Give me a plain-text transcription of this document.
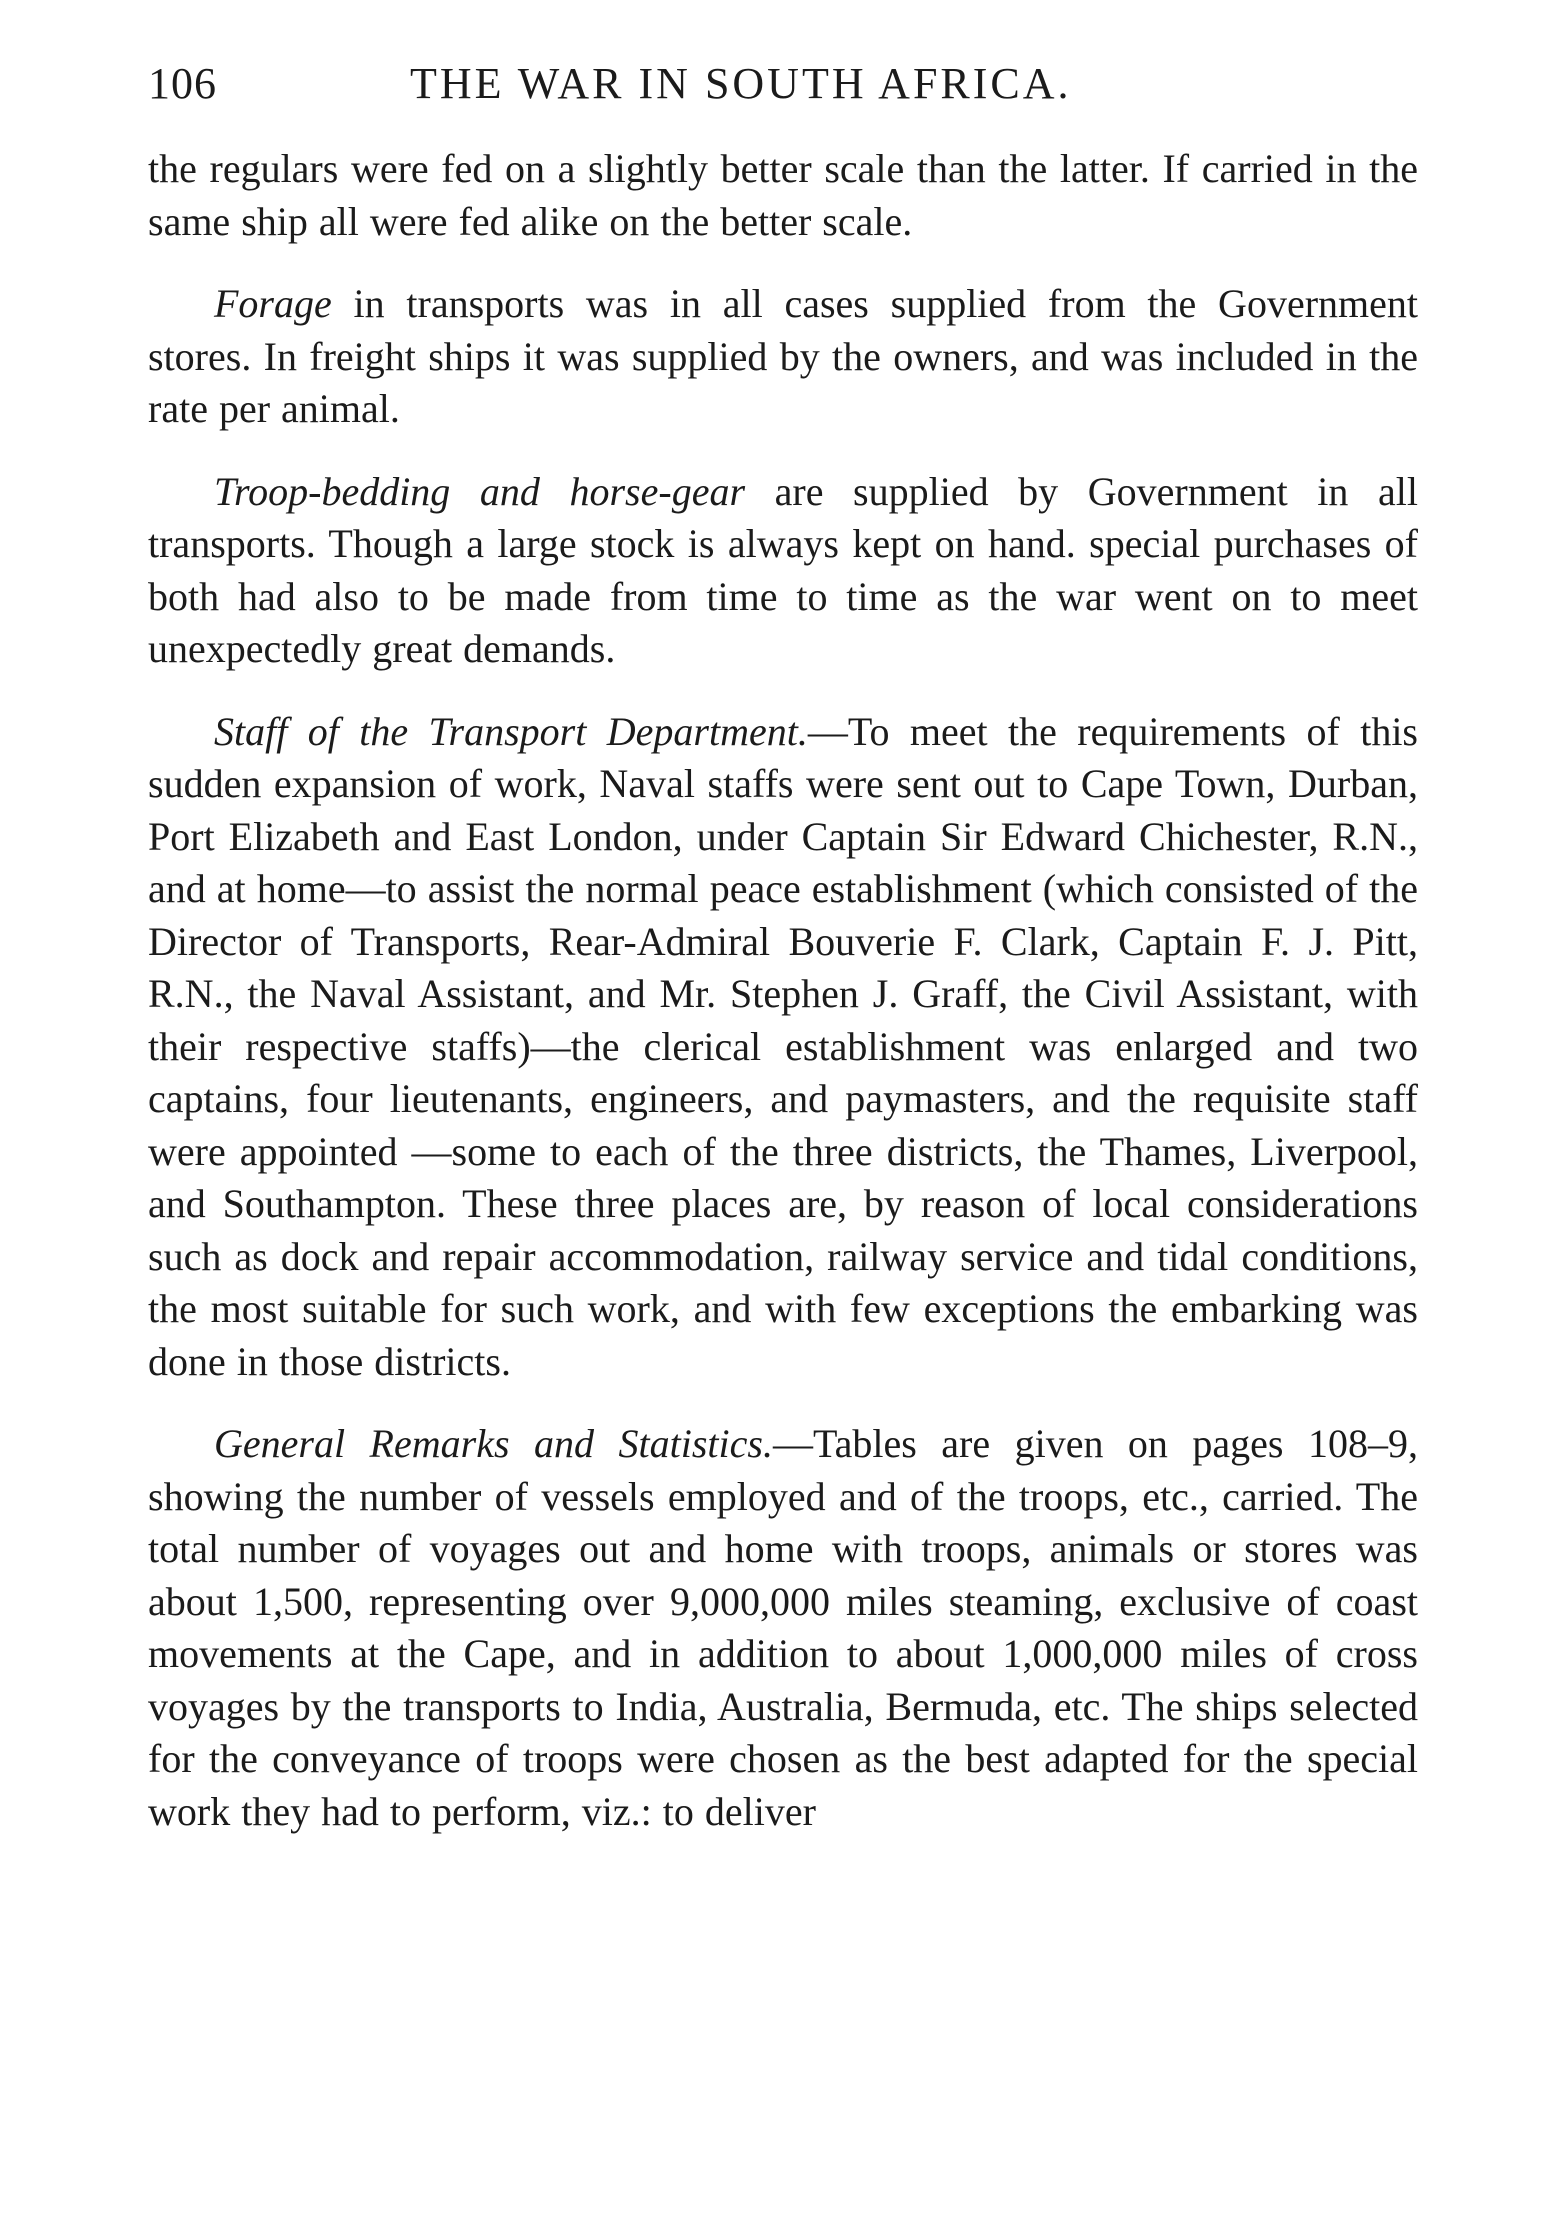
106	THE WAR IN SOUTH AFRICA.

the regulars were fed on a slightly better scale than the latter. If carried in the same ship all were fed alike on the better scale.

Forage in transports was in all cases supplied from the Government stores. In freight ships it was supplied by the owners, and was included in the rate per animal.

Troop-bedding and horse-gear are supplied by Government in all transports. Though a large stock is always kept on hand. special purchases of both had also to be made from time to time as the war went on to meet unexpectedly great demands.

Staff of the Transport Department.—To meet the requirements of this sudden expansion of work, Naval staffs were sent out to Cape Town, Durban, Port Elizabeth and East London, under Captain Sir Edward Chichester, R.N., and at home—to assist the normal peace establishment (which consisted of the Director of Transports, Rear-Admiral Bouverie F. Clark, Captain F. J. Pitt, R.N., the Naval Assistant, and Mr. Stephen J. Graff, the Civil Assistant, with their respective staffs)—the clerical establishment was enlarged and two captains, four lieutenants, engineers, and paymasters, and the requisite staff were appointed —some to each of the three districts, the Thames, Liverpool, and Southampton. These three places are, by reason of local considerations such as dock and repair accommodation, railway service and tidal conditions, the most suitable for such work, and with few exceptions the embarking was done in those districts.

General Remarks and Statistics.—Tables are given on pages 108–9, showing the number of vessels employed and of the troops, etc., carried. The total number of voyages out and home with troops, animals or stores was about 1,500, representing over 9,000,000 miles steaming, exclusive of coast movements at the Cape, and in addition to about 1,000,000 miles of cross voyages by the transports to India, Australia, Bermuda, etc. The ships selected for the conveyance of troops were chosen as the best adapted for the special work they had to perform, viz.: to deliver
